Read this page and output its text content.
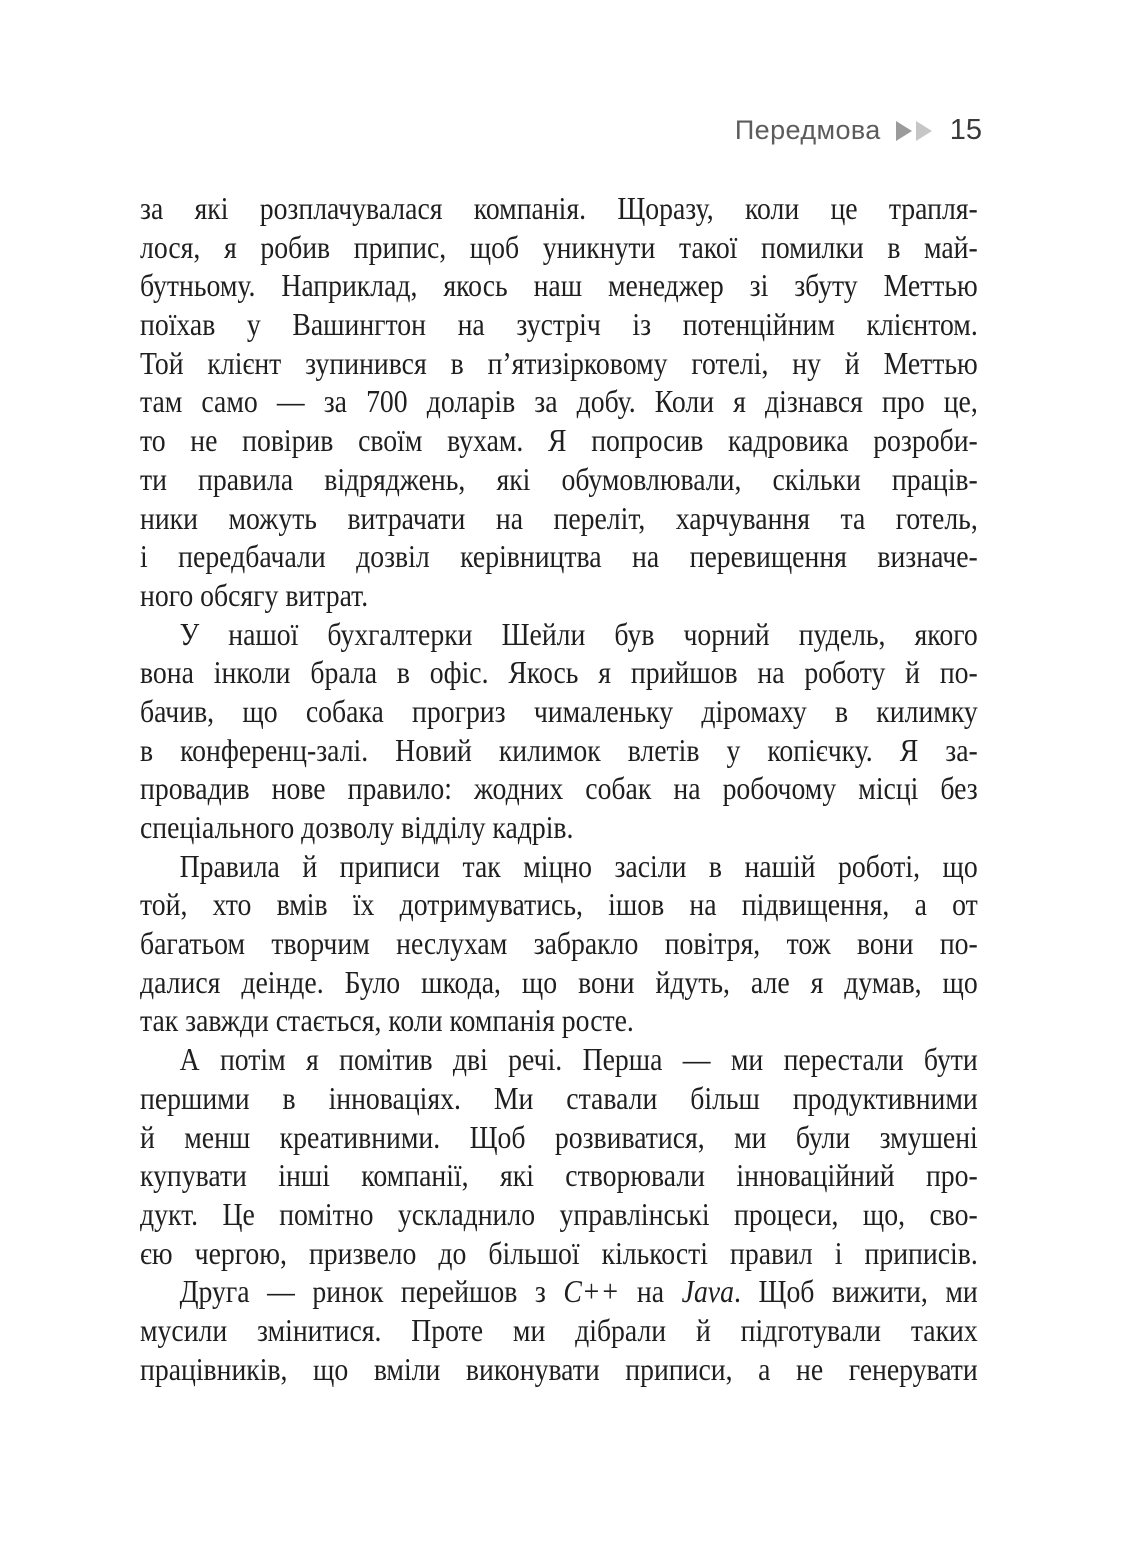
Передмова 15
за які розплачувалася компанія. Щоразу, коли це трапля-
лося, я робив припис, щоб уникнути такої помилки в май-
бутньому. Наприклад, якось наш менеджер зі збуту Меттью
поїхав у Вашингтон на зустріч із потенційним клієнтом.
Той клієнт зупинився в п’ятизірковому готелі, ну й Меттью
там само — за 700 доларів за добу. Коли я дізнався про це,
то не повірив своїм вухам. Я попросив кадровика розроби-
ти правила відряджень, які обумовлювали, скільки праців-
ники можуть витрачати на переліт, харчування та готель,
і передбачали дозвіл керівництва на перевищення визначе-
ного обсягу витрат.
У нашої бухгалтерки Шейли був чорний пудель, якого
вона інколи брала в офіс. Якось я прийшов на роботу й по-
бачив, що собака прогриз чималеньку діромаху в килимку
в конференц-залі. Новий килимок влетів у копієчку. Я за-
провадив нове правило: жодних собак на робочому місці без
спеціального дозволу відділу кадрів.
Правила й приписи так міцно засіли в нашій роботі, що
той, хто вмів їх дотримуватись, ішов на підвищення, а от
багатьом творчим неслухам забракло повітря, тож вони по-
далися деінде. Було шкода, що вони йдуть, але я думав, що
так завжди стається, коли компанія росте.
А потім я помітив дві речі. Перша — ми перестали бути
першими в інноваціях. Ми ставали більш продуктивними
й менш креативними. Щоб розвиватися, ми були змушені
купувати інші компанії, які створювали інноваційний про-
дукт. Це помітно ускладнило управлінські процеси, що, сво-
єю чергою, призвело до більшої кількості правил і приписів.
Друга — ринок перейшов з C++ на Java. Щоб вижити, ми
мусили змінитися. Проте ми дібрали й підготували таких
працівників, що вміли виконувати приписи, а не генерувати
